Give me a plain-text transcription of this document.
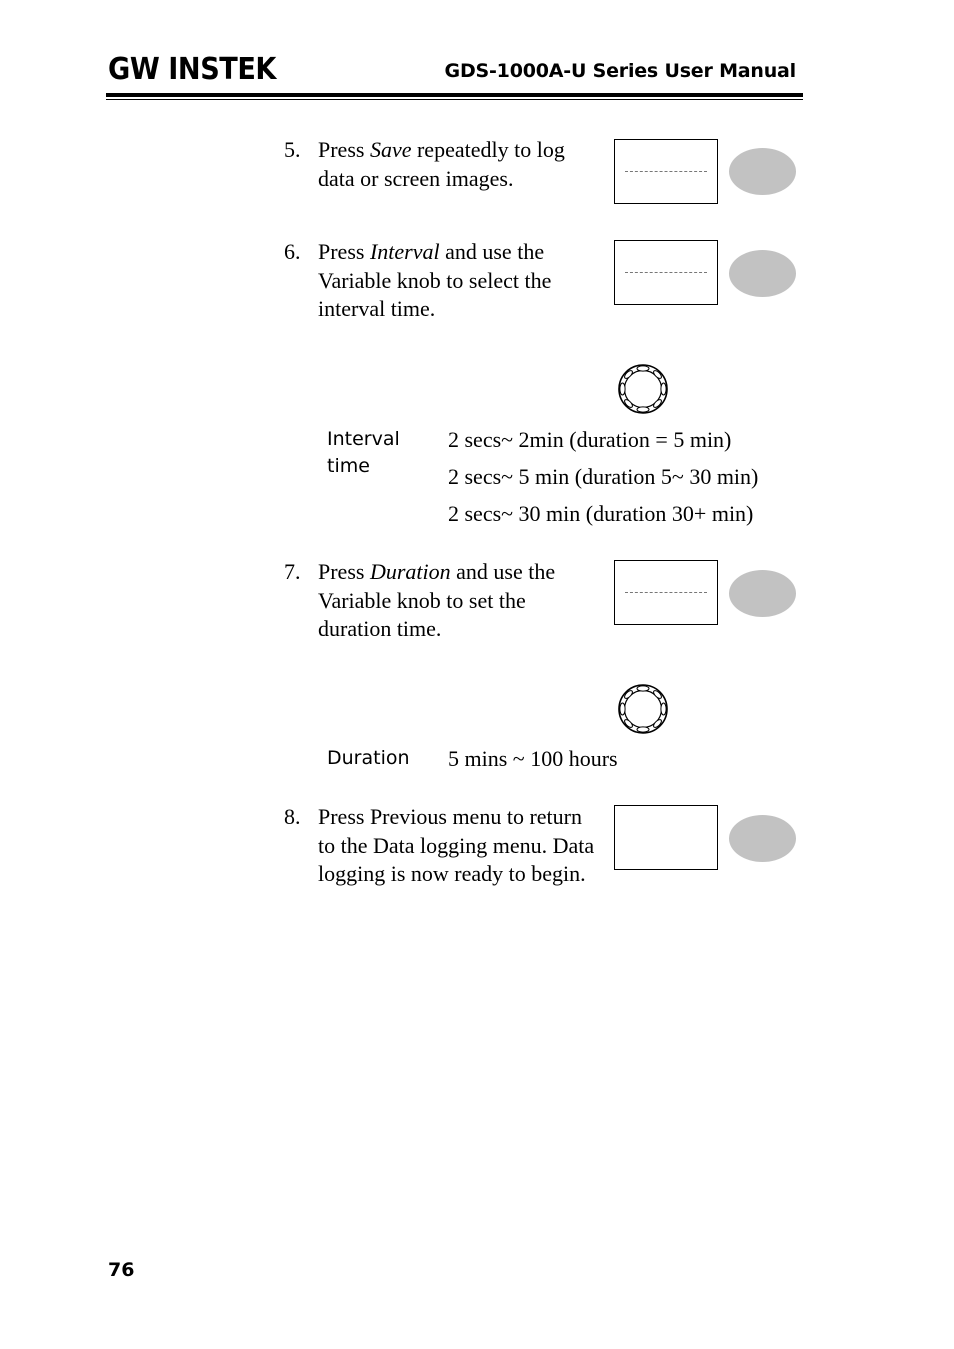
GW INSTEK	GDS-1000A-U Series User Manual
5. Press Save repeatedly to log data or screen images.
6. Press Interval and use the Variable knob to select the interval time.
Interval time
2 secs~ 2min (duration = 5 min)
2 secs~ 5 min (duration 5~ 30 min)
2 secs~ 30 min (duration 30+ min)
7. Press Duration and use the Variable knob to set the duration time.
Duration 5 mins ~ 100 hours
8. Press Previous menu to return to the Data logging menu. Data logging is now ready to begin.
76
